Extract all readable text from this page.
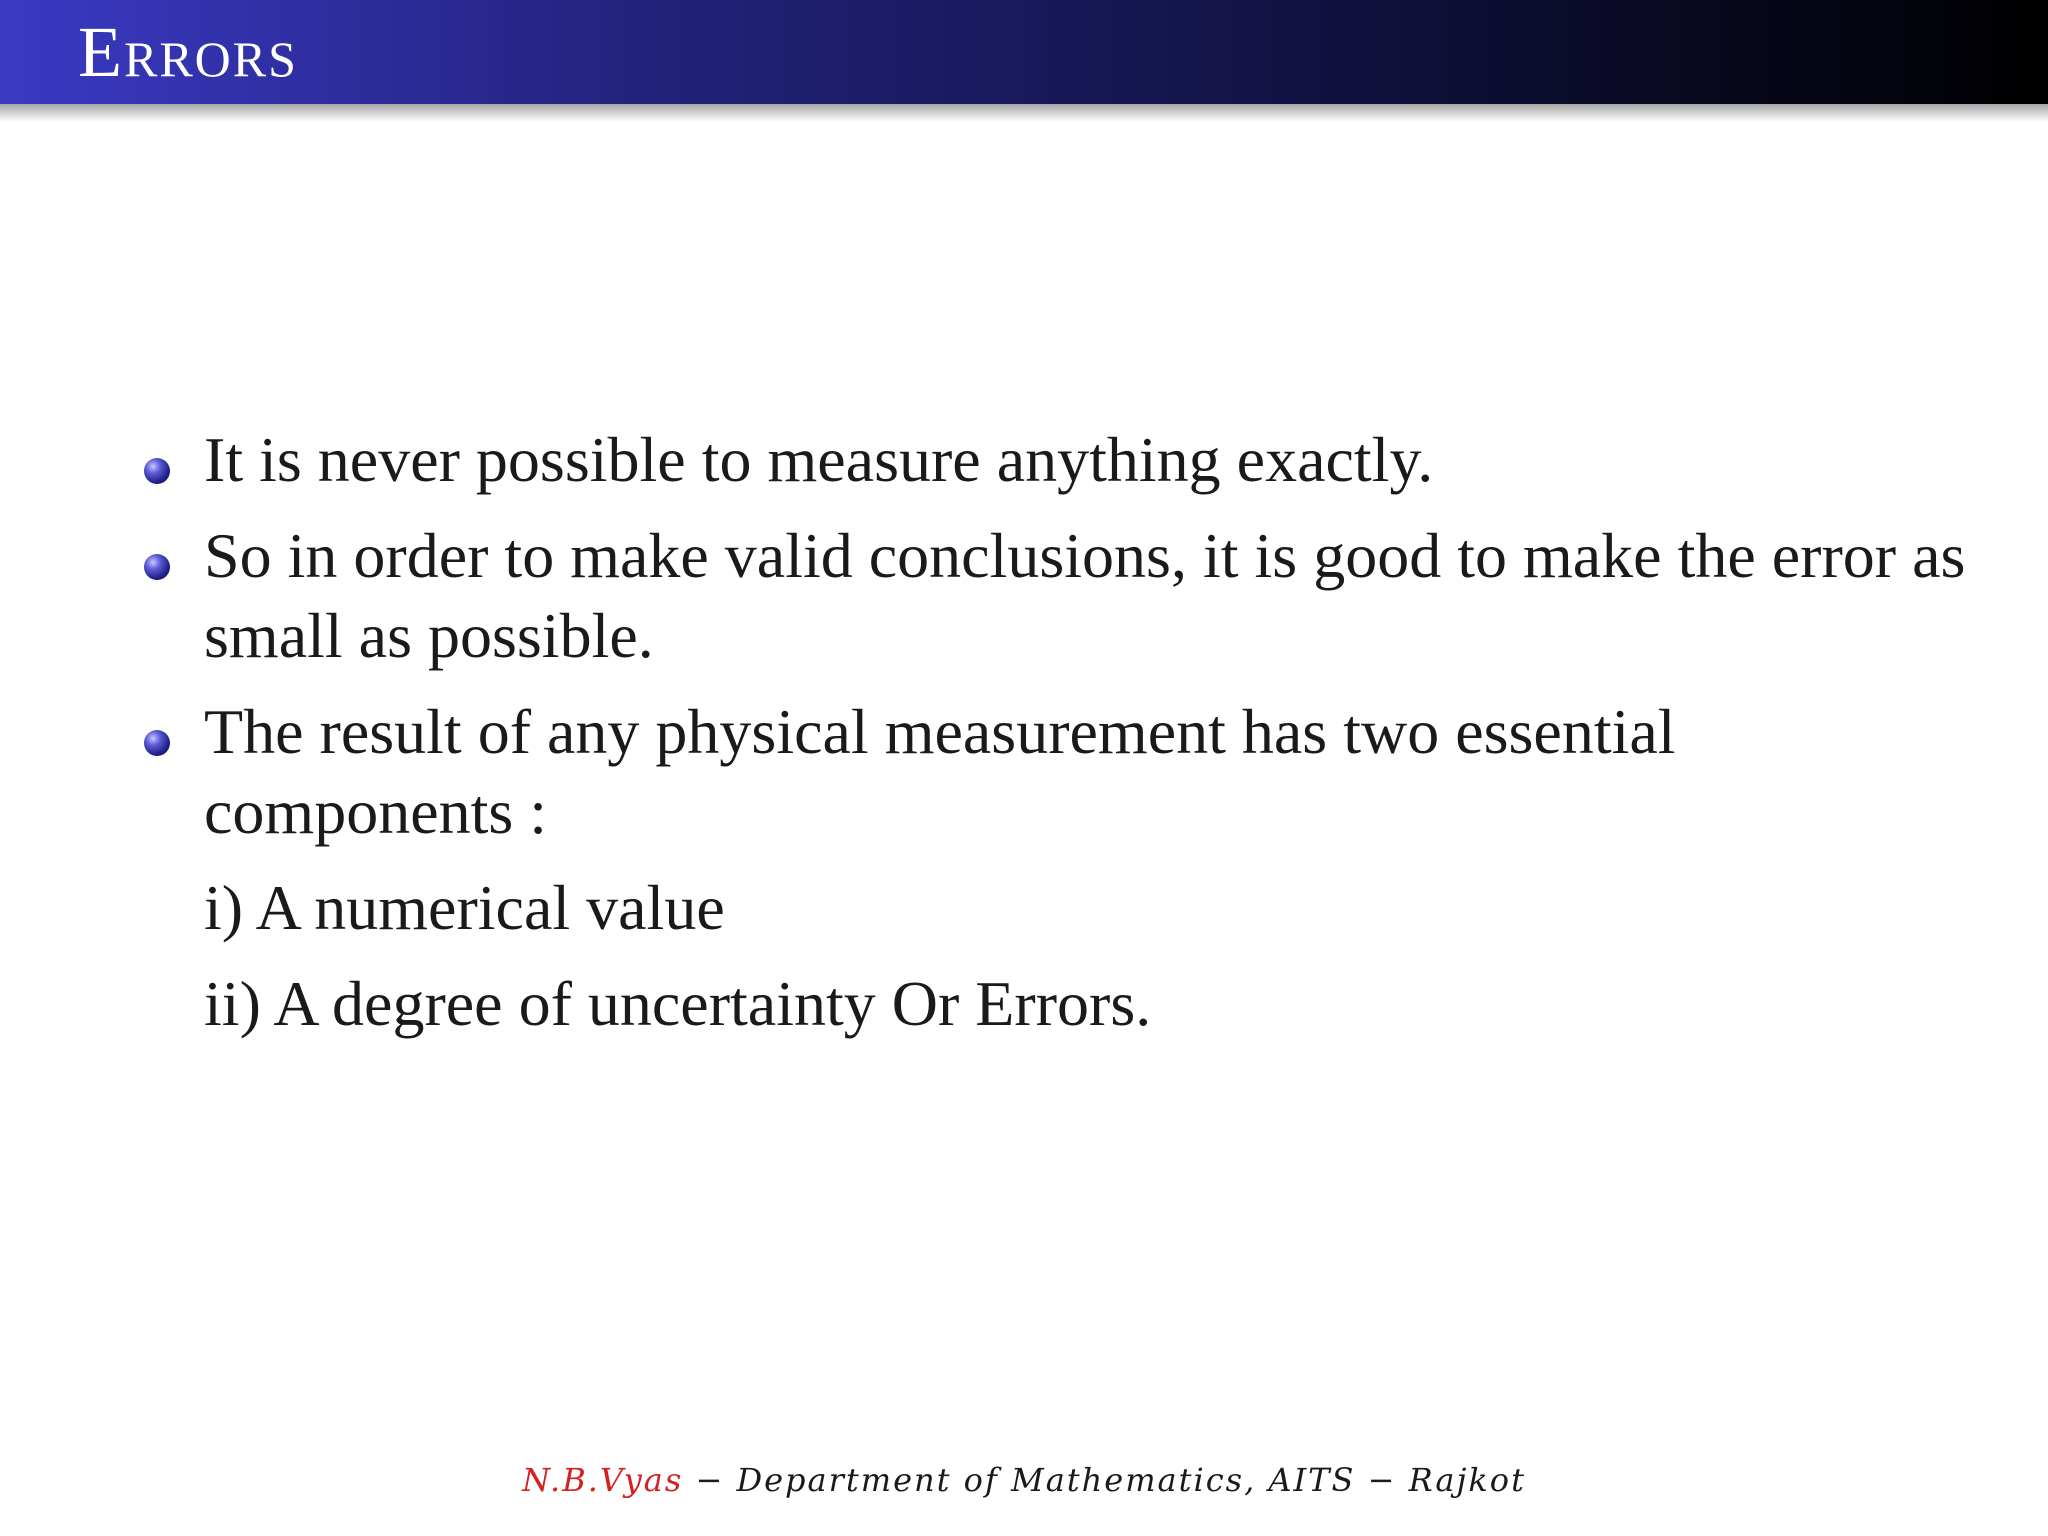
Errors
It is never possible to measure anything exactly.
So in order to make valid conclusions, it is good to make the error as small as possible.
The result of any physical measurement has two essential components :
i) A numerical value
ii) A degree of uncertainty Or Errors.
N.B.Vyas − Department of Mathematics, AITS − Rajkot
